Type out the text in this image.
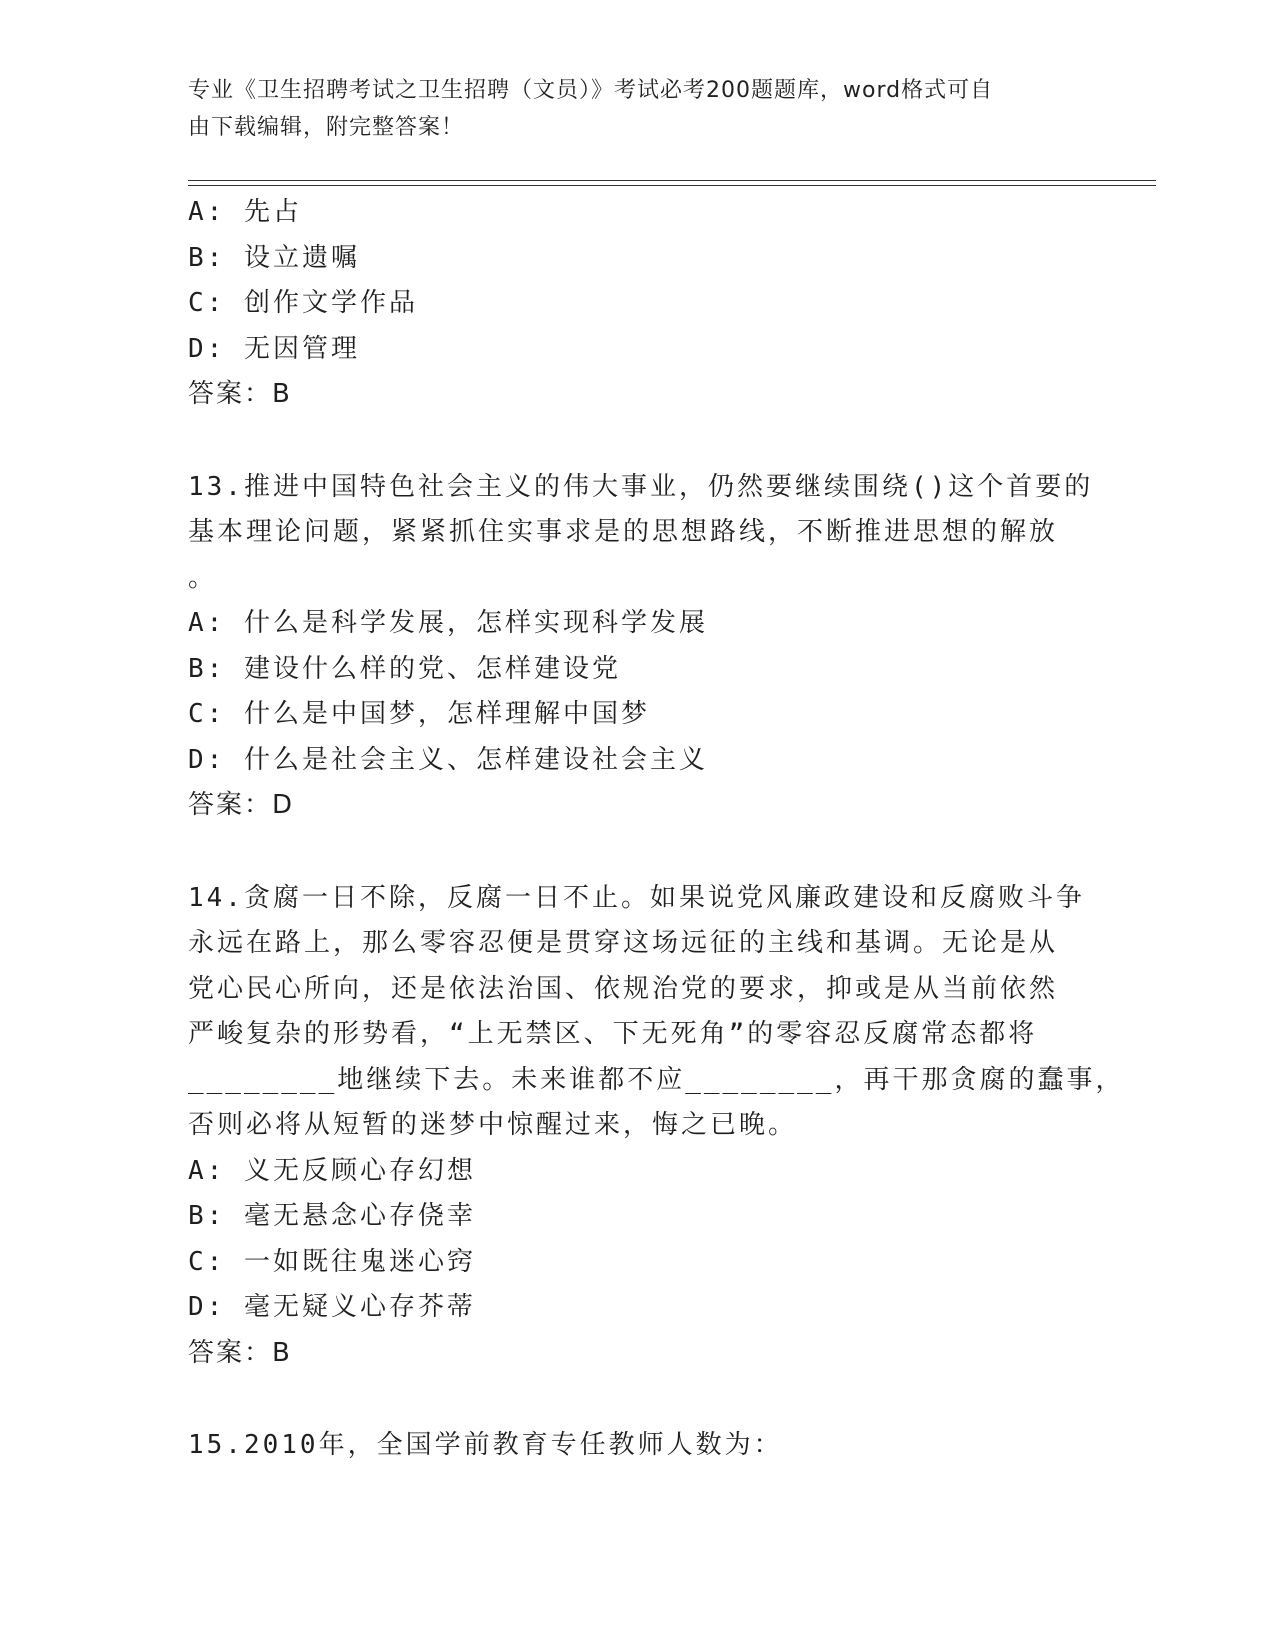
专业《卫生招聘考试之卫生招聘（文员）》考试必考200题题库，word格式可自
由下载编辑，附完整答案！
A: 先占
B: 设立遗嘱
C: 创作文学作品
D: 无因管理
答案：B
13.推进中国特色社会主义的伟大事业，仍然要继续围绕()这个首要的
基本理论问题，紧紧抓住实事求是的思想路线，不断推进思想的解放
。
A: 什么是科学发展，怎样实现科学发展
B: 建设什么样的党、怎样建设党
C: 什么是中国梦，怎样理解中国梦
D: 什么是社会主义、怎样建设社会主义
答案：D
14.贪腐一日不除，反腐一日不止。如果说党风廉政建设和反腐败斗争
永远在路上，那么零容忍便是贯穿这场远征的主线和基调。无论是从
党心民心所向，还是依法治国、依规治党的要求，抑或是从当前依然
严峻复杂的形势看，“上无禁区、下无死角”的零容忍反腐常态都将
________地继续下去。未来谁都不应________，再干那贪腐的蠢事，
否则必将从短暂的迷梦中惊醒过来，悔之已晚。
A: 义无反顾心存幻想
B: 毫无悬念心存侥幸
C: 一如既往鬼迷心窍
D: 毫无疑义心存芥蒂
答案：B
15.2010年，全国学前教育专任教师人数为：
